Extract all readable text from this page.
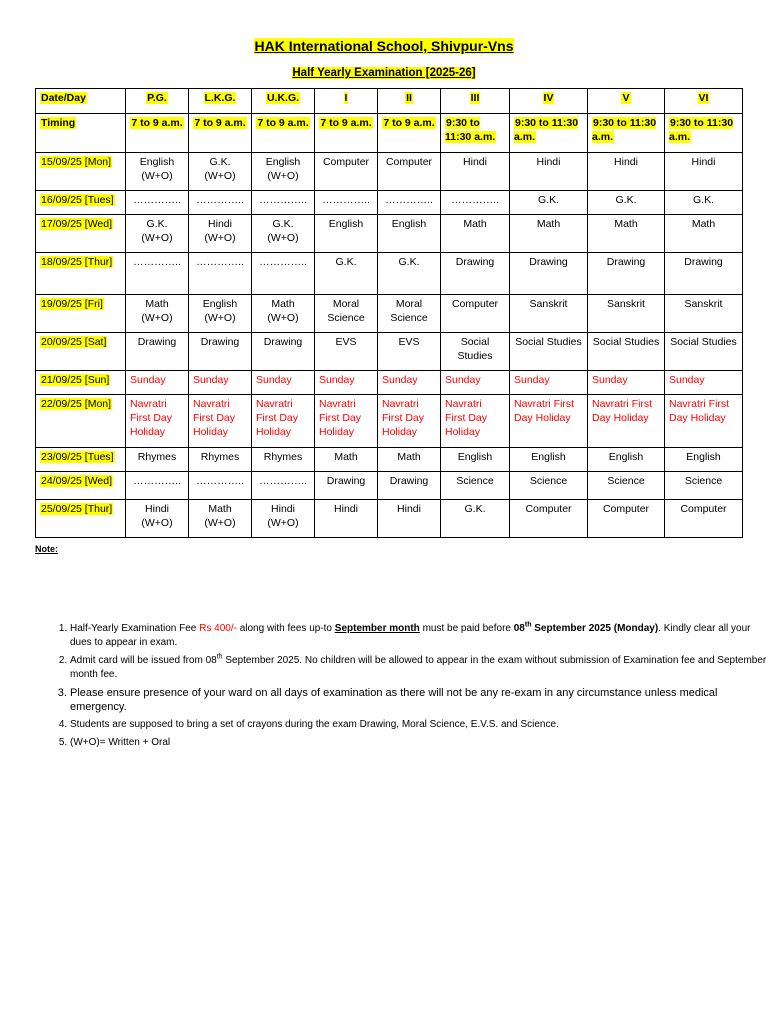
HAK International School, Shivpur-Vns
Half Yearly Examination [2025-26]
Date/Day	P.G.	L.K.G.	U.K.G.	I	II	III	IV	V	VI
Timing	7 to 9 a.m.	7 to 9 a.m.	7 to 9 a.m.	7 to 9 a.m.	7 to 9 a.m.	9:30 to 11:30 a.m.	9:30 to 11:30 a.m.	9:30 to 11:30 a.m.	9:30 to 11:30 a.m.
15/09/25 [Mon]	English (W+O)	G.K. (W+O)	English (W+O)	Computer	Computer	Hindi	Hindi	Hindi	Hindi
16/09/25 [Tues]	…………..	…………..	…………..	…………..	…………..	…………..	G.K.	G.K.	G.K.
17/09/25 [Wed]	G.K. (W+O)	Hindi (W+O)	G.K. (W+O)	English	English	Math	Math	Math	Math
18/09/25 [Thur]	…………..	…………..	…………..	G.K.	G.K.	Drawing	Drawing	Drawing	Drawing
19/09/25 [Fri]	Math (W+O)	English (W+O)	Math (W+O)	Moral Science	Moral Science	Computer	Sanskrit	Sanskrit	Sanskrit
20/09/25 [Sat]	Drawing	Drawing	Drawing	EVS	EVS	Social Studies	Social Studies	Social Studies	Social Studies
21/09/25 [Sun]	Sunday	Sunday	Sunday	Sunday	Sunday	Sunday	Sunday	Sunday	Sunday
22/09/25 [Mon]	Navratri First Day Holiday	Navratri First Day Holiday	Navratri First Day Holiday	Navratri First Day Holiday	Navratri First Day Holiday	Navratri First Day Holiday	Navratri First Day Holiday	Navratri First Day Holiday	Navratri First Day Holiday
23/09/25 [Tues]	Rhymes	Rhymes	Rhymes	Math	Math	English	English	English	English
24/09/25 [Wed]	…………..	…………..	…………..	Drawing	Drawing	Science	Science	Science	Science
25/09/25 [Thur]	Hindi (W+O)	Math (W+O)	Hindi (W+O)	Hindi	Hindi	G.K.	Computer	Computer	Computer
Note:
1. Half-Yearly Examination Fee Rs 400/- along with fees up-to September month must be paid before 08th September 2025 (Monday). Kindly clear all your dues to appear in exam.
2. Admit card will be issued from 08th September 2025. No children will be allowed to appear in the exam without submission of Examination fee and September month fee.
3. Please ensure presence of your ward on all days of examination as there will not be any re-exam in any circumstance unless medical emergency.
4. Students are supposed to bring a set of crayons during the exam Drawing, Moral Science, E.V.S. and Science.
5. (W+O)= Written + Oral
